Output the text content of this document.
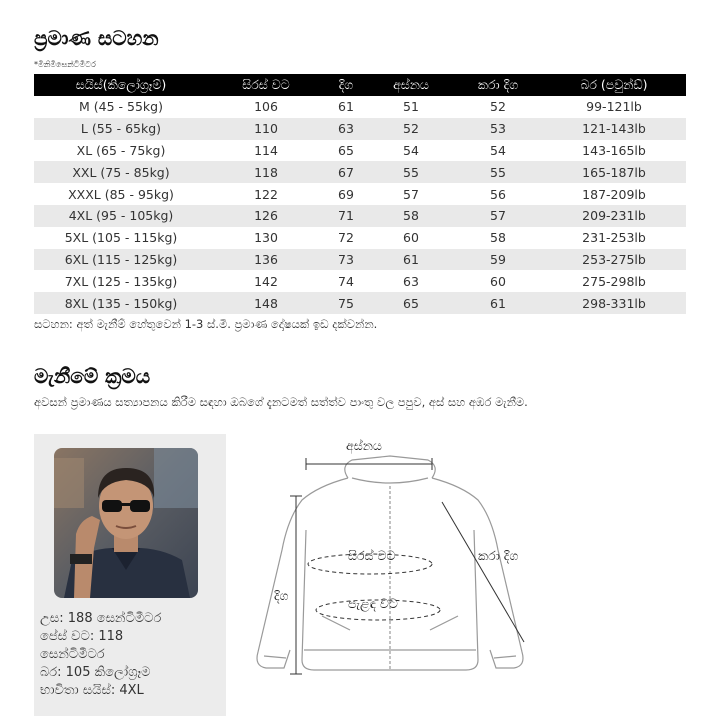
ප්‍රමාණ සටහන
*මිනිමිසෙන්ටිමීටර
සයිස්(කිලෝග්‍රෑම්)	සිරස් වට	දිග	අස්නය	කරා දිග	බර (පවුන්ඩ්)
M (45 - 55kg)	106	61	51	52	99-121lb
L (55 - 65kg)	110	63	52	53	121-143lb
XL (65 - 75kg)	114	65	54	54	143-165lb
XXL (75 - 85kg)	118	67	55	55	165-187lb
XXXL (85 - 95kg)	122	69	57	56	187-209lb
4XL (95 - 105kg)	126	71	58	57	209-231lb
5XL (105 - 115kg)	130	72	60	58	231-253lb
6XL (115 - 125kg)	136	73	61	59	253-275lb
7XL (125 - 135kg)	142	74	63	60	275-298lb
8XL (135 - 150kg)	148	75	65	61	298-331lb
සටහන: අත් මැනීම් හේතුවෙන් 1-3 ස්.මී. ප්‍රමාණ දෝෂයක් ඉඩ දක්වන්න.
මැනීමේ ක්‍රමය
අවසන් ප්‍රමාණය සත්‍යාපනය කිරීම සඳහා ඔබගේ දැනටමත් සත්ත්ව පාංතු වල පපුව, අස් සහ අඹර මැනීම.
උස: 188 සෙන්ටිමීටර
පේස් වට: 118
සෙන්ටිමීටර
බර: 105 කිලෝග්‍රෑම
භාවිතා සයිස්: 4XL
අස්නය
සිරස් වට
දිග
කරා දිග
පැළඳ වට
